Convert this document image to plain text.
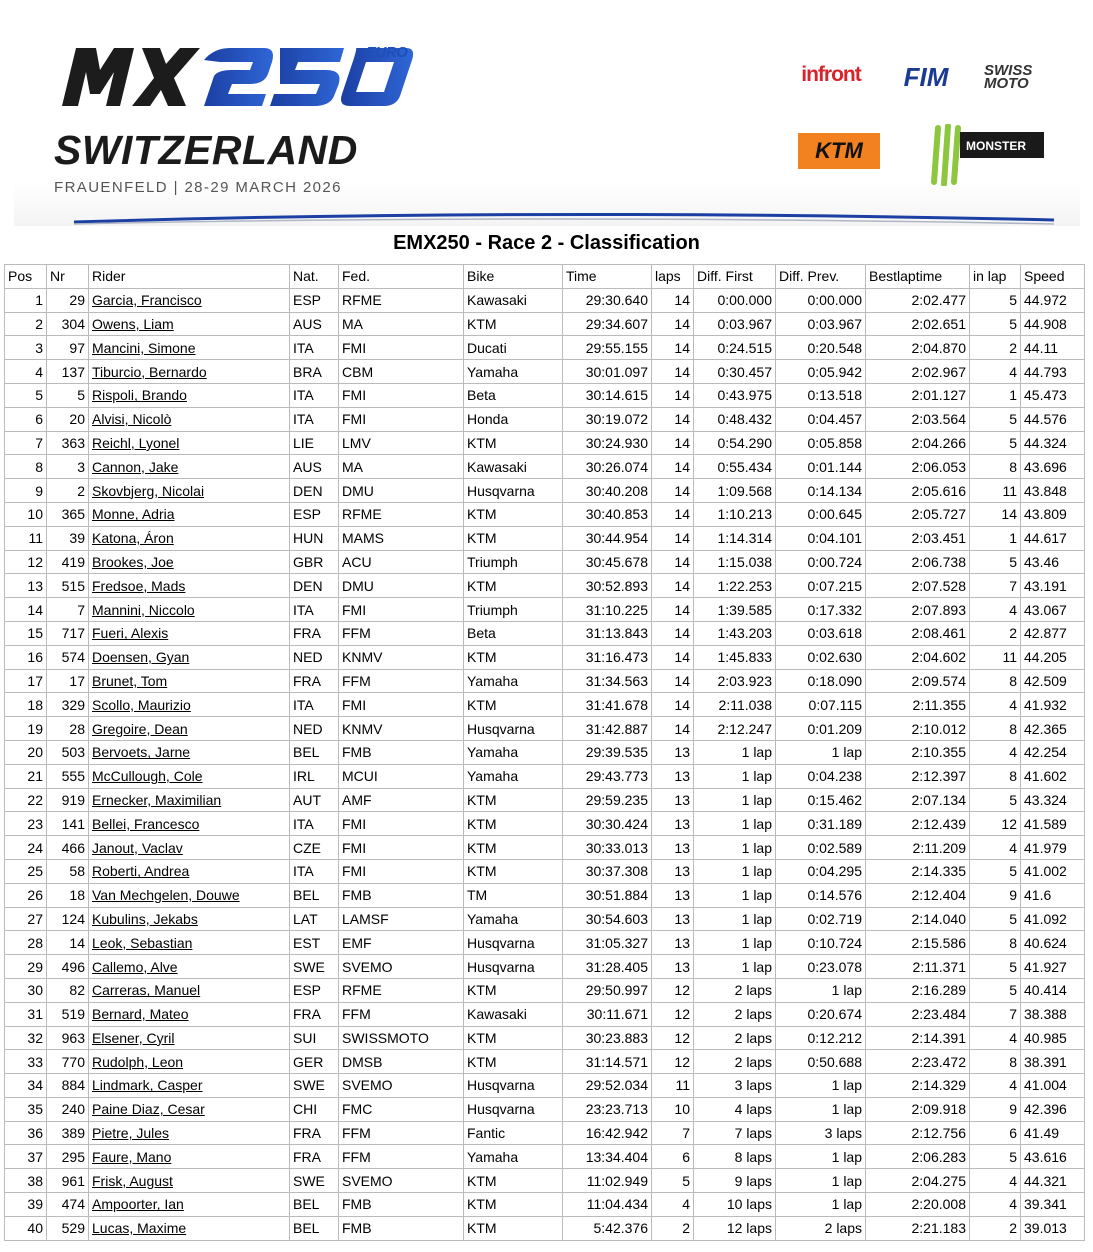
EURO
SWITZERLAND
FRAUENFELD | 28-29 MARCH 2026
infront FIM	SWISS MOTO
KTM	MONSTER
EMX250 - Race 2 - Classification
Pos	Nr	Rider	Nat.	Fed.	Bike	Time	laps	Diff. First	Diff. Prev.	Bestlaptime	in lap	Speed
1	29	Garcia, Francisco	ESP	RFME	Kawasaki	29:30.640	14	0:00.000	0:00.000	2:02.477	5	44.972
2	304	Owens, Liam	AUS	MA	KTM	29:34.607	14	0:03.967	0:03.967	2:02.651	5	44.908
3	97	Mancini, Simone	ITA	FMI	Ducati	29:55.155	14	0:24.515	0:20.548	2:04.870	2	44.11
4	137	Tiburcio, Bernardo	BRA	CBM	Yamaha	30:01.097	14	0:30.457	0:05.942	2:02.967	4	44.793
5	5	Rispoli, Brando	ITA	FMI	Beta	30:14.615	14	0:43.975	0:13.518	2:01.127	1	45.473
6	20	Alvisi, Nicolò	ITA	FMI	Honda	30:19.072	14	0:48.432	0:04.457	2:03.564	5	44.576
7	363	Reichl, Lyonel	LIE	LMV	KTM	30:24.930	14	0:54.290	0:05.858	2:04.266	5	44.324
8	3	Cannon, Jake	AUS	MA	Kawasaki	30:26.074	14	0:55.434	0:01.144	2:06.053	8	43.696
9	2	Skovbjerg, Nicolai	DEN	DMU	Husqvarna	30:40.208	14	1:09.568	0:14.134	2:05.616	11	43.848
10	365	Monne, Adria	ESP	RFME	KTM	30:40.853	14	1:10.213	0:00.645	2:05.727	14	43.809
11	39	Katona, Áron	HUN	MAMS	KTM	30:44.954	14	1:14.314	0:04.101	2:03.451	1	44.617
12	419	Brookes, Joe	GBR	ACU	Triumph	30:45.678	14	1:15.038	0:00.724	2:06.738	5	43.46
13	515	Fredsoe, Mads	DEN	DMU	KTM	30:52.893	14	1:22.253	0:07.215	2:07.528	7	43.191
14	7	Mannini, Niccolo	ITA	FMI	Triumph	31:10.225	14	1:39.585	0:17.332	2:07.893	4	43.067
15	717	Fueri, Alexis	FRA	FFM	Beta	31:13.843	14	1:43.203	0:03.618	2:08.461	2	42.877
16	574	Doensen, Gyan	NED	KNMV	KTM	31:16.473	14	1:45.833	0:02.630	2:04.602	11	44.205
17	17	Brunet, Tom	FRA	FFM	Yamaha	31:34.563	14	2:03.923	0:18.090	2:09.574	8	42.509
18	329	Scollo, Maurizio	ITA	FMI	KTM	31:41.678	14	2:11.038	0:07.115	2:11.355	4	41.932
19	28	Gregoire, Dean	NED	KNMV	Husqvarna	31:42.887	14	2:12.247	0:01.209	2:10.012	8	42.365
20	503	Bervoets, Jarne	BEL	FMB	Yamaha	29:39.535	13	1 lap	1 lap	2:10.355	4	42.254
21	555	McCullough, Cole	IRL	MCUI	Yamaha	29:43.773	13	1 lap	0:04.238	2:12.397	8	41.602
22	919	Ernecker, Maximilian	AUT	AMF	KTM	29:59.235	13	1 lap	0:15.462	2:07.134	5	43.324
23	141	Bellei, Francesco	ITA	FMI	KTM	30:30.424	13	1 lap	0:31.189	2:12.439	12	41.589
24	466	Janout, Vaclav	CZE	FMI	KTM	30:33.013	13	1 lap	0:02.589	2:11.209	4	41.979
25	58	Roberti, Andrea	ITA	FMI	KTM	30:37.308	13	1 lap	0:04.295	2:14.335	5	41.002
26	18	Van Mechgelen, Douwe	BEL	FMB	TM	30:51.884	13	1 lap	0:14.576	2:12.404	9	41.6
27	124	Kubulins, Jekabs	LAT	LAMSF	Yamaha	30:54.603	13	1 lap	0:02.719	2:14.040	5	41.092
28	14	Leok, Sebastian	EST	EMF	Husqvarna	31:05.327	13	1 lap	0:10.724	2:15.586	8	40.624
29	496	Callemo, Alve	SWE	SVEMO	Husqvarna	31:28.405	13	1 lap	0:23.078	2:11.371	5	41.927
30	82	Carreras, Manuel	ESP	RFME	KTM	29:50.997	12	2 laps	1 lap	2:16.289	5	40.414
31	519	Bernard, Mateo	FRA	FFM	Kawasaki	30:11.671	12	2 laps	0:20.674	2:23.484	7	38.388
32	963	Elsener, Cyril	SUI	SWISSMOTO	KTM	30:23.883	12	2 laps	0:12.212	2:14.391	4	40.985
33	770	Rudolph, Leon	GER	DMSB	KTM	31:14.571	12	2 laps	0:50.688	2:23.472	8	38.391
34	884	Lindmark, Casper	SWE	SVEMO	Husqvarna	29:52.034	11	3 laps	1 lap	2:14.329	4	41.004
35	240	Paine Diaz, Cesar	CHI	FMC	Husqvarna	23:23.713	10	4 laps	1 lap	2:09.918	9	42.396
36	389	Pietre, Jules	FRA	FFM	Fantic	16:42.942	7	7 laps	3 laps	2:12.756	6	41.49
37	295	Faure, Mano	FRA	FFM	Yamaha	13:34.404	6	8 laps	1 lap	2:06.283	5	43.616
38	961	Frisk, August	SWE	SVEMO	KTM	11:02.949	5	9 laps	1 lap	2:04.275	4	44.321
39	474	Ampoorter, Ian	BEL	FMB	KTM	11:04.434	4	10 laps	1 lap	2:20.008	4	39.341
40	529	Lucas, Maxime	BEL	FMB	KTM	5:42.376	2	12 laps	2 laps	2:21.183	2	39.013
